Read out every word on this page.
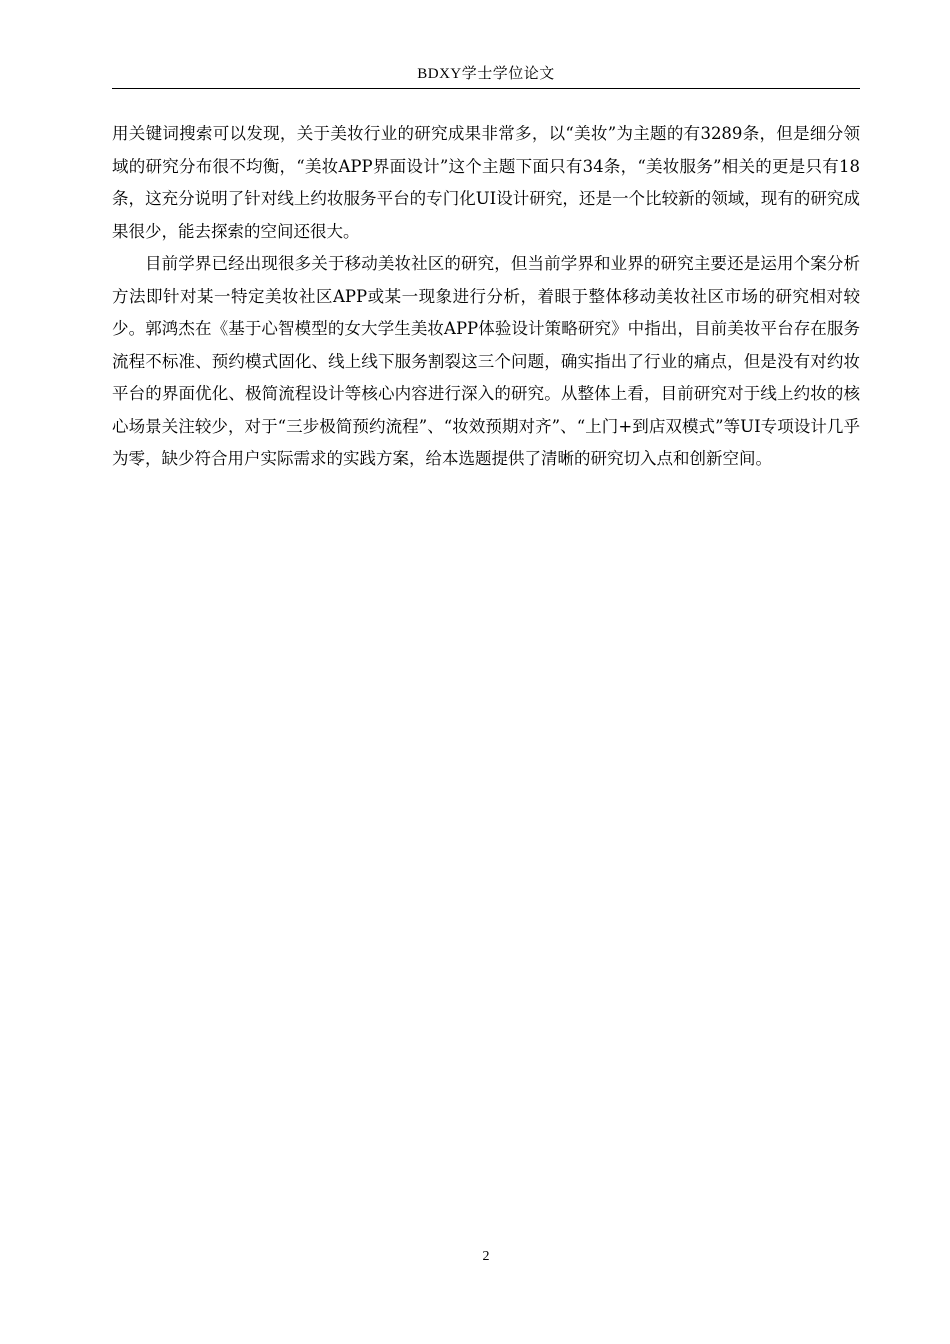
BDXY学士学位论文

用关键词搜索可以发现，关于美妆行业的研究成果非常多，以“美妆”为主题的有3289条，但是细分领域的研究分布很不均衡，“美妆APP界面设计”这个主题下面只有34条，“美妆服务”相关的更是只有18条，这充分说明了针对线上约妆服务平台的专门化UI设计研究，还是一个比较新的领域，现有的研究成果很少，能去探索的空间还很大。

目前学界已经出现很多关于移动美妆社区的研究，但当前学界和业界的研究主要还是运用个案分析方法即针对某一特定美妆社区APP或某一现象进行分析，着眼于整体移动美妆社区市场的研究相对较少。郭鸿杰在《基于心智模型的女大学生美妆APP体验设计策略研究》中指出，目前美妆平台存在服务流程不标准、预约模式固化、线上线下服务割裂这三个问题，确实指出了行业的痛点，但是没有对约妆平台的界面优化、极简流程设计等核心内容进行深入的研究。从整体上看，目前研究对于线上约妆的核心场景关注较少，对于“三步极简预约流程”、“妆效预期对齐”、“上门+到店双模式”等UI专项设计几乎为零，缺少符合用户实际需求的实践方案，给本选题提供了清晰的研究切入点和创新空间。

2
